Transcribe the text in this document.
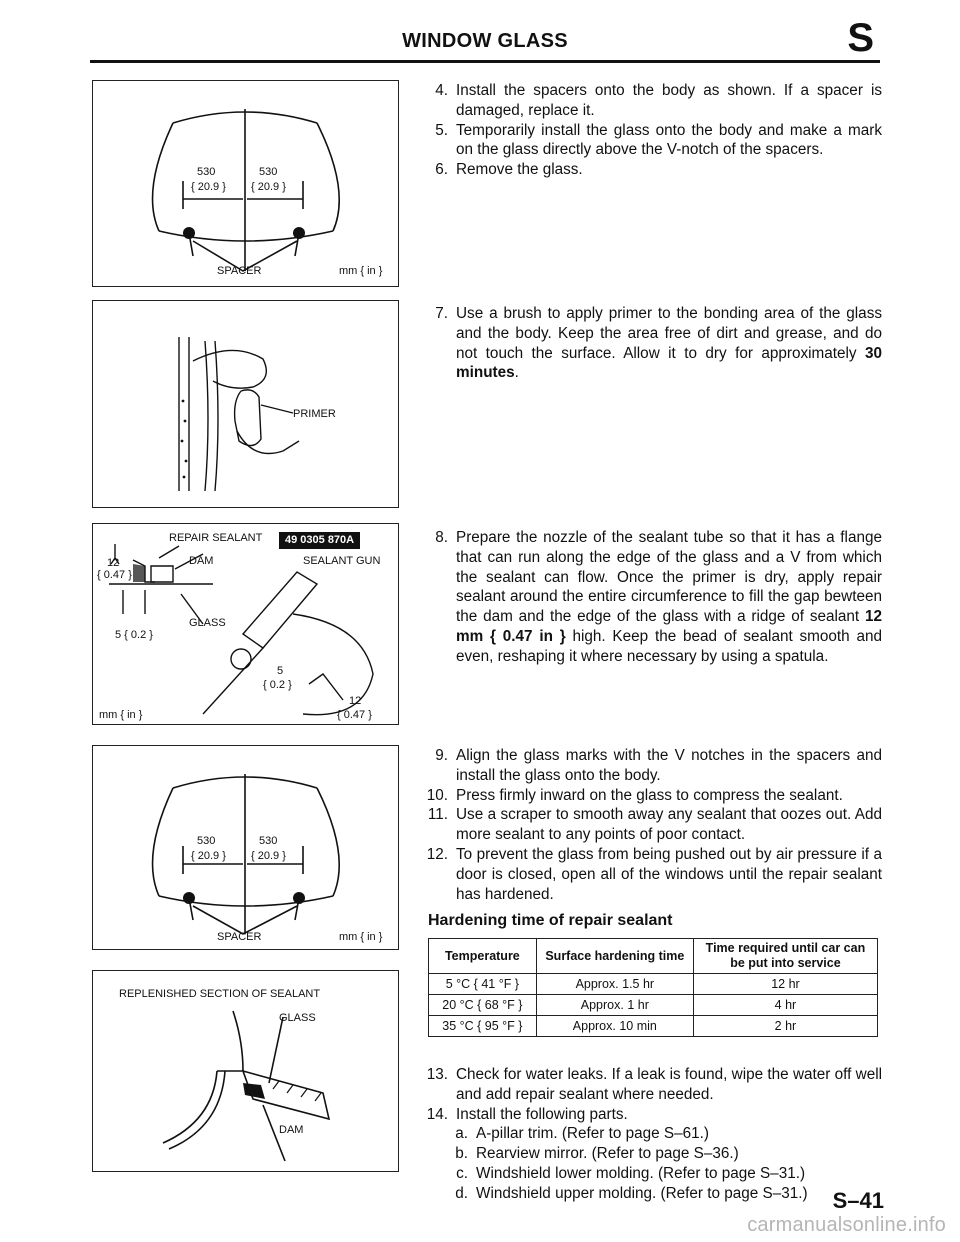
WINDOW GLASS	S
530
{ 20.9 }
530
{ 20.9 }
SPACER	mm { in }
PRIMER
REPAIR SEALANT	49 0305 870A
DAM	SEALANT GUN
GLASS
12
{ 0.47 }
5 { 0.2 }
5
{ 0.2 }
12
{ 0.47 }
mm { in }
530
{ 20.9 }
530
{ 20.9 }
SPACER	mm { in }
REPLENISHED SECTION OF SEALANT
GLASS
DAM
4. Install the spacers onto the body as shown. If a spacer is damaged, replace it.
5. Temporarily install the glass onto the body and make a mark on the glass directly above the V-notch of the spacers.
6. Remove the glass.
7. Use a brush to apply primer to the bonding area of the glass and the body. Keep the area free of dirt and grease, and do not touch the surface. Allow it to dry for approximately 30 minutes.
8. Prepare the nozzle of the sealant tube so that it has a flange that can run along the edge of the glass and a V from which the sealant can flow. Once the primer is dry, apply repair sealant around the entire circumference to fill the gap bewteen the dam and the edge of the glass with a ridge of sealant 12 mm { 0.47 in } high. Keep the bead of sealant smooth and even, reshaping it where necessary by using a spatula.
9. Align the glass marks with the V notches in the spacers and install the glass onto the body.
10. Press firmly inward on the glass to compress the sealant.
11. Use a scraper to smooth away any sealant that oozes out. Add more sealant to any points of poor contact.
12. To prevent the glass from being pushed out by air pressure if a door is closed, open all of the windows until the repair sealant has hardened.
Hardening time of repair sealant
Temperature	Surface hardening time	Time required until car can be put into service
5 °C { 41 °F }	Approx. 1.5 hr	12 hr
20 °C { 68 °F }	Approx. 1 hr	4 hr
35 °C { 95 °F }	Approx. 10 min	2 hr
13. Check for water leaks. If a leak is found, wipe the water off well and add repair sealant where needed.
14. Install the following parts.
a. A-pillar trim. (Refer to page S–61.)
b. Rearview mirror. (Refer to page S–36.)
c. Windshield lower molding. (Refer to page S–31.)
d. Windshield upper molding. (Refer to page S–31.)	S–41
carmanualsonline.info
